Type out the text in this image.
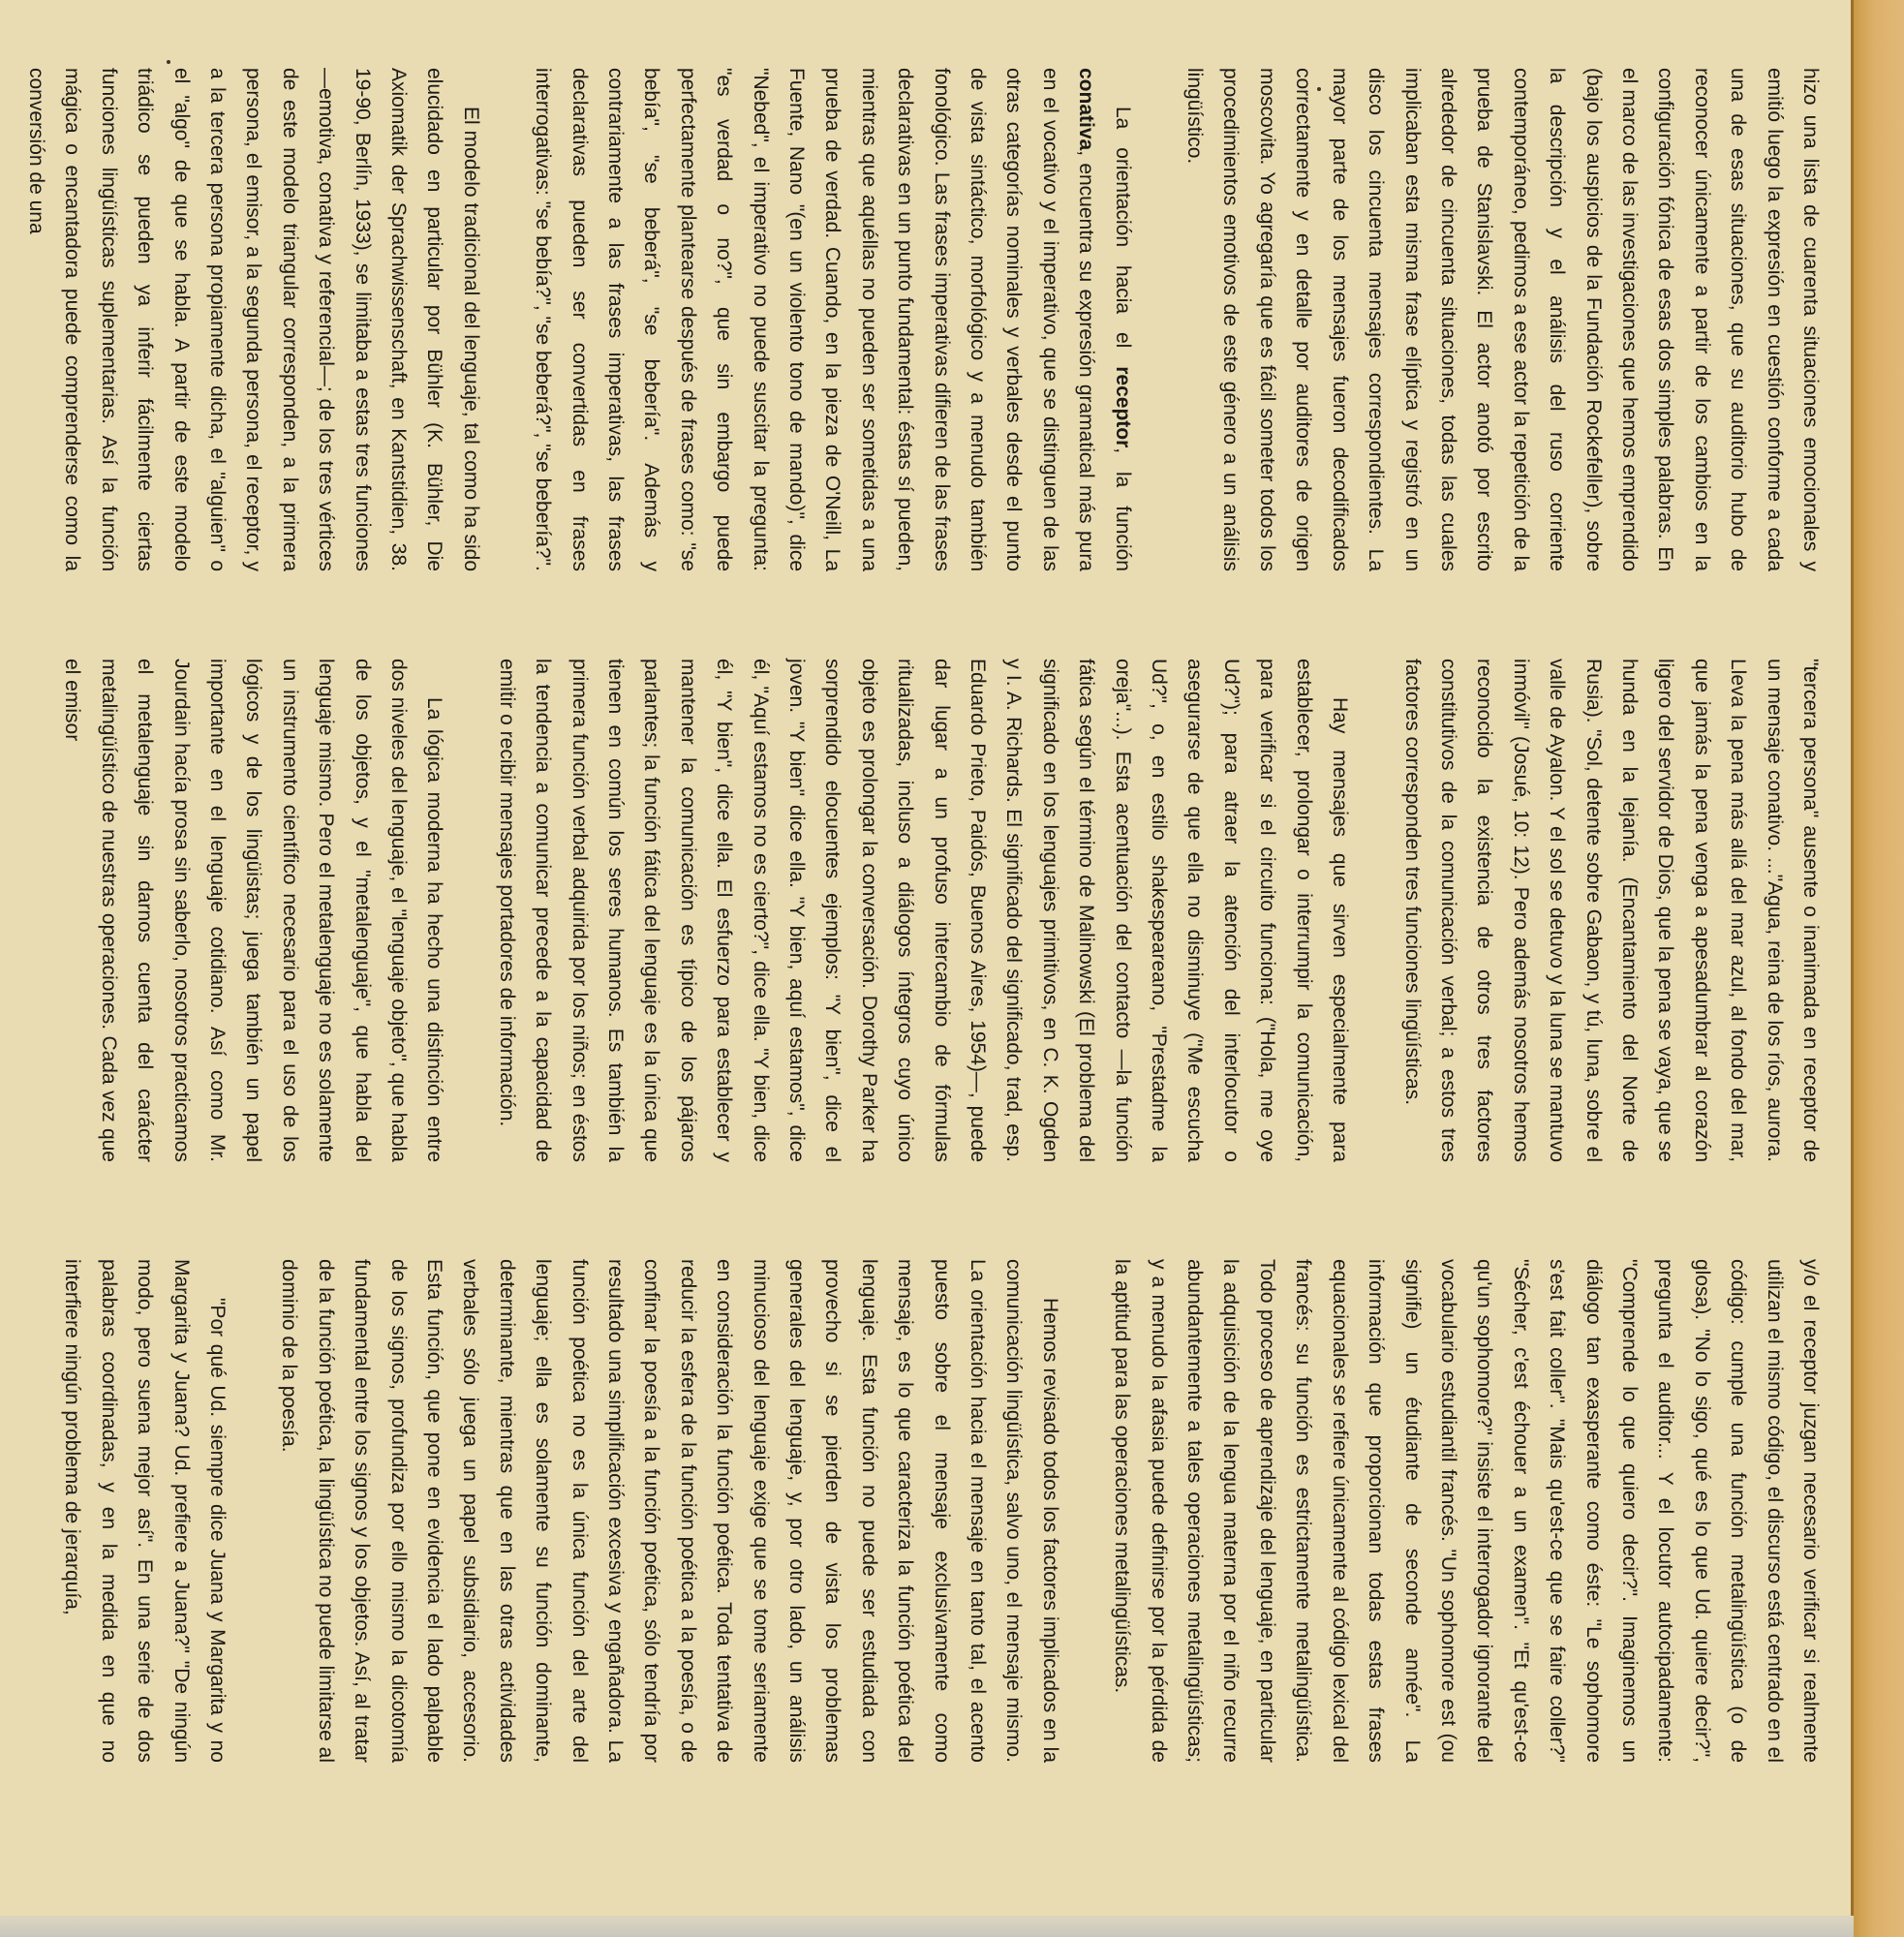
hizo una lista de cuarenta situaciones emocionales y emitió luego la expresión en cuestión conforme a cada una de esas situaciones, que su auditorio hubo de reconocer únicamente a partir de los cambios en la configuración fónica de esas dos simples palabras. En el marco de las investigaciones que hemos emprendido (bajo los auspicios de la Fundación Rockefeller), sobre la descripción y el análisis del ruso corriente contemporáneo, pedimos a ese actor la repetición de la prueba de Stanislavski. El actor anotó por escrito alrededor de cincuenta situaciones, todas las cuales implicaban esta misma frase elíptica y registró en un disco los cincuenta mensajes correspondientes. La mayor parte de los mensajes fueron decodificados correctamente y en detalle por auditores de origen moscovita. Yo agregaría que es fácil someter todos los procedimientos emotivos de este género a un análisis lingüístico.

La orientación hacia el receptor, la función conativa, encuentra su expresión gramatical más pura en el vocativo y el imperativo, que se distinguen de las otras categorías nominales y verbales desde el punto de vista sintáctico, morfológico y a menudo también fonológico. Las frases imperativas difieren de las frases declarativas en un punto fundamental: éstas sí pueden, mientras que aquéllas no pueden ser sometidas a una prueba de verdad. Cuando, en la pieza de O'Neill, La Fuente, Nano "(en un violento tono de mando)", dice "Nebed", el imperativo no puede suscitar la pregunta: "es verdad o no?", que sin embargo puede perfectamente plantearse después de frases como: "se bebía", "se beberá", "se bebería". Además y contrariamente a las frases imperativas, las frases declarativas pueden ser convertidas en frases interrogativas: "se bebía?", "se beberá?", "se bebería?".

El modelo tradicional del lenguaje, tal como ha sido elucidado en particular por Bühler (K. Bühler, Die Axiomatik der Sprachwissenschaft, en Kantstidien, 38. 19-90, Berlín, 1933), se limitaba a estas tres funciones —emotiva, conativa y referencial—; de los tres vértices de este modelo triangular corresponden, a la primera persona, el emisor, a la segunda persona, el receptor, y a la tercera persona propiamente dicha, el "alguien" o el "algo" de que se habla. A partir de este modelo triádico se pueden ya inferir fácilmente ciertas funciones lingüísticas suplementarias. Así la función mágica o encantadora puede comprenderse como la conversión de una

"tercera persona" ausente o inanimada en receptor de un mensaje conativo. ..."Agua, reina de los ríos, aurora. Lleva la pena más allá del mar azul, al fondo del mar, que jamás la pena venga a apesadumbrar al corazón ligero del servidor de Dios, que la pena se vaya, que se hunda en la lejanía. (Encantamiento del Norte de Rusia). "Sol, detente sobre Gabaon, y tú, luna, sobre el valle de Ayalon. Y el sol se detuvo y la luna se mantuvo inmóvil" (Josué, 10: 12). Pero además nosotros hemos reconocido la existencia de otros tres factores constitutivos de la comunicación verbal; a estos tres factores corresponden tres funciones lingüísticas.

Hay mensajes que sirven especialmente para establecer, prolongar o interrumpir la comunicación, para verificar si el circuito funciona: ("Hola, me oye Ud?"); para atraer la atención del interlocutor o asegurarse de que ella no disminuye ("Me escucha Ud?", o, en estilo shakespeareano, "Prestadme la oreja"...). Esta acentuación del contacto —la función fática según el término de Malinowski (El problema del significado en los lenguajes primitivos, en C. K. Ogden y I. A. Richards. El significado del significado, trad, esp. Eduardo Prieto, Paidós, Buenos Aires, 1954)—, puede dar lugar a un profuso intercambio de fórmulas ritualizadas, incluso a diálogos íntegros cuyo único objeto es prolongar la conversación. Dorothy Parker ha sorprendido elocuentes ejemplos: "Y bien", dice el joven. "Y bien" dice ella. "Y bien, aquí estamos", dice él, "Aquí estamos no es cierto?", dice ella. "Y bien, dice él, "Y bien", dice ella. El esfuerzo para establecer y mantener la comunicación es típico de los pájaros parlantes; la función fática del lenguaje es la única que tienen en común los seres humanos. Es también la primera función verbal adquirida por los niños; en éstos la tendencia a comunicar precede a la capacidad de emitir o recibir mensajes portadores de información.

La lógica moderna ha hecho una distinción entre dos niveles del lenguaje, el "lenguaje objeto", que habla de los objetos, y el "metalenguaje", que habla del lenguaje mismo. Pero el metalenguaje no es solamente un instrumento científico necesario para el uso de los lógicos y de los lingüistas; juega también un papel importante en el lenguaje cotidiano. Así como Mr. Jourdain hacía prosa sin saberlo, nosotros practicamos el metalenguaje sin darnos cuenta del carácter metalingüístico de nuestras operaciones. Cada vez que el emisor

y/o el receptor juzgan necesario verificar si realmente utilizan el mismo código, el discurso está centrado en el código: cumple una función metalingüística (o de glosa). "No lo sigo, qué es lo que Ud. quiere decir?", pregunta el auditor... Y el locutor autocipadamente: "Comprende lo que quiero decir?". Imaginemos un diálogo tan exasperante como éste: "Le sophomore s'est fait coller". "Mais qu'est-ce que se faire coller?" "Sécher, c'est échouer a un examen". "Et qu'est-ce qu'un sophomore?" insiste el interrogador ignorante del vocabulario estudiantil francés. "Un sophomore est (ou signifie) un étudiante de seconde année". La información que proporcionan todas estas frases equacionales se refiere únicamente al código lexical del francés: su función es estrictamente metalingüística. Todo proceso de aprendizaje del lenguaje, en particular la adquisición de la lengua materna por el niño recurre abundantemente a tales operaciones metalingüísticas; y a menudo la afasia puede definirse por la pérdida de la aptitud para las operaciones metalingüísticas.

Hemos revisado todos los factores implicados en la comunicación lingüística, salvo uno, el mensaje mismo. La orientación hacia el mensaje en tanto tal, el acento puesto sobre el mensaje exclusivamente como mensaje, es lo que caracteriza la función poética del lenguaje. Esta función no puede ser estudiada con provecho si se pierden de vista los problemas generales del lenguaje, y, por otro lado, un análisis minucioso del lenguaje exige que se tome seriamente en consideración la función poética. Toda tentativa de reducir la esfera de la función poética a la poesía, o de confinar la poesía a la función poética, sólo tendría por resultado una simplificación excesiva y engañadora. La función poética no es la única función del arte del lenguaje; ella es solamente su función dominante, determinante, mientras que en las otras actividades verbales sólo juega un papel subsidiario, accesorio. Esta función, que pone en evidencia el lado palpable de los signos, profundiza por ello mismo la dicotomía fundamental entre los signos y los objetos. Así, al tratar de la función poética, la lingüística no puede limitarse al dominio de la poesía.

"Por qué Ud. siempre dice Juana y Margarita y no Margarita y Juana? Ud. prefiere a Juana?" "De ningún modo, pero suena mejor así". En una serie de dos palabras coordinadas, y en la medida en que no interfiere ningún problema de jerarquía,
